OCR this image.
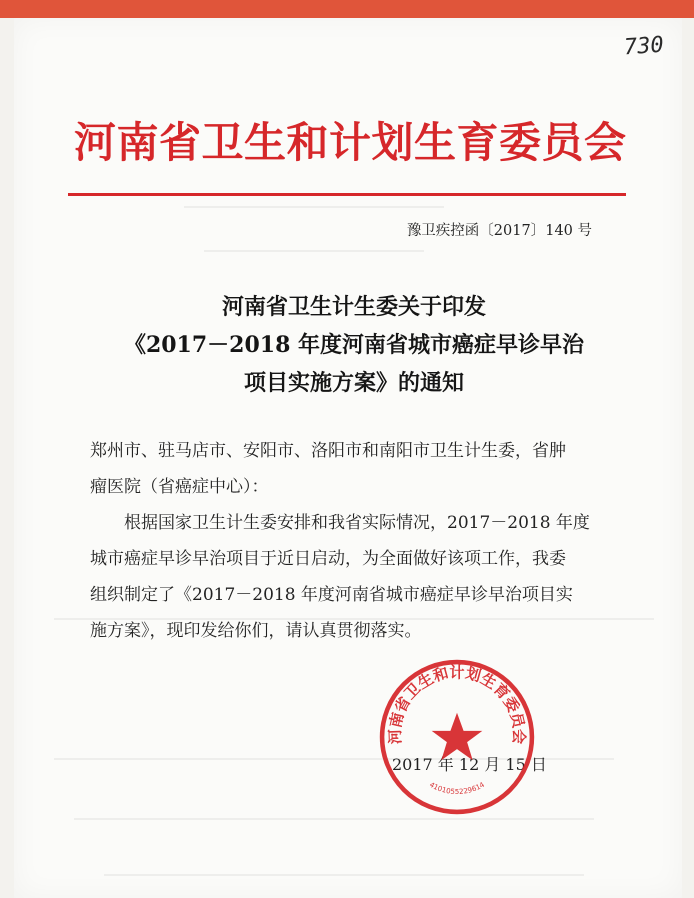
730
河南省卫生和计划生育委员会
豫卫疾控函〔2017〕140 号
河南省卫生计生委关于印发
《2017－2018 年度河南省城市癌症早诊早治
项目实施方案》的通知
郑州市、驻马店市、安阳市、洛阳市和南阳市卫生计生委，省肿
瘤医院（省癌症中心）：
　　根据国家卫生计生委安排和我省实际情况，2017－2018 年度
城市癌症早诊早治项目于近日启动，为全面做好该项工作，我委
组织制定了《2017－2018 年度河南省城市癌症早诊早治项目实
施方案》，现印发给你们，请认真贯彻落实。
2017 年 12 月 15 日
河南省卫生和计划生育委员会
4101055229614
